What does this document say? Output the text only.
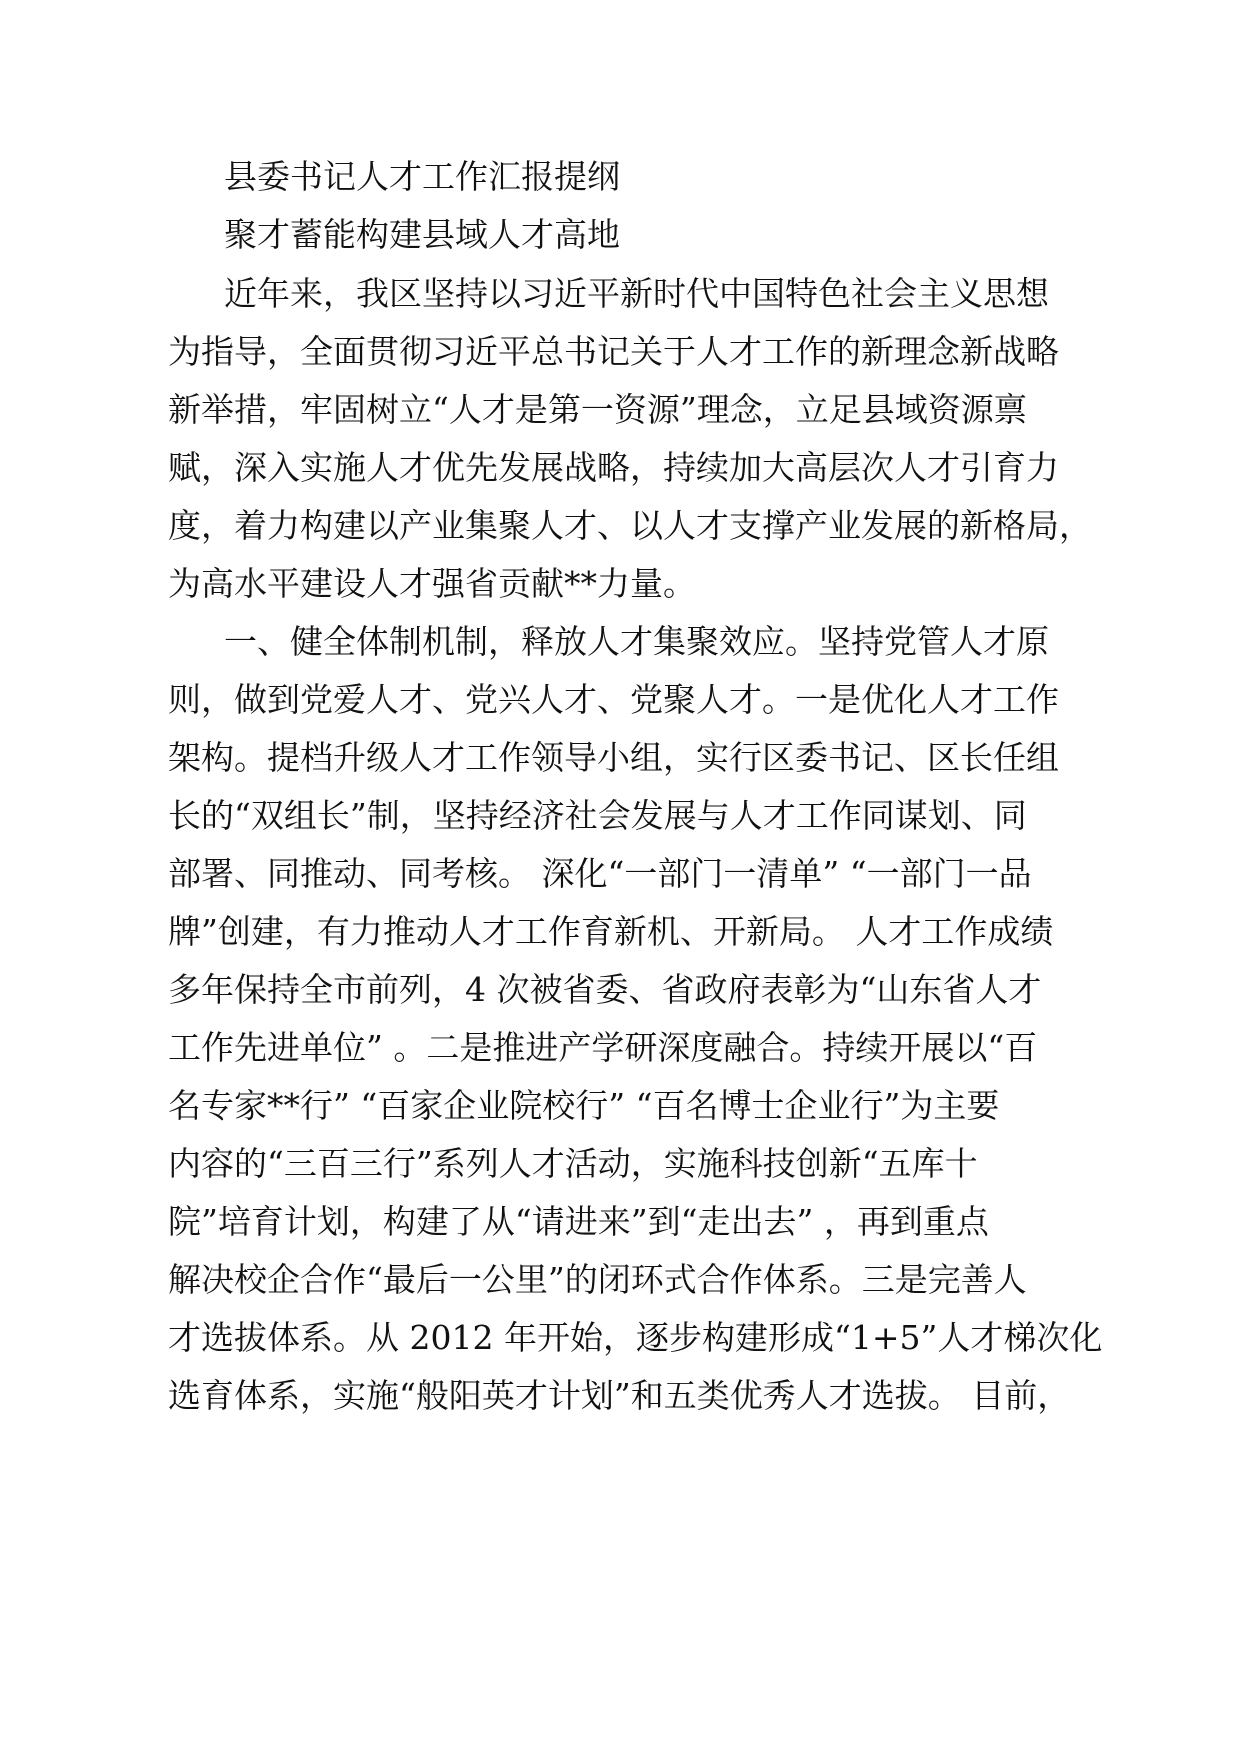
县委书记人才工作汇报提纲

聚才蓄能构建县域人才高地

近年来，我区坚持以习近平新时代中国特色社会主义思想

为指导，全面贯彻习近平总书记关于人才工作的新理念新战略

新举措，牢固树立“人才是第一资源”理念，立足县域资源禀

赋，深入实施人才优先发展战略，持续加大高层次人才引育力

度，着力构建以产业集聚人才、以人才支撑产业发展的新格局，

为高水平建设人才强省贡献**力量。

一、健全体制机制，释放人才集聚效应。坚持党管人才原

则，做到党爱人才、党兴人才、党聚人才。一是优化人才工作

架构。提档升级人才工作领导小组，实行区委书记、区长任组

长的“双组长”制，坚持经济社会发展与人才工作同谋划、同

部署、同推动、同考核。 深化“一部门一清单” “一部门一品

牌”创建，有力推动人才工作育新机、开新局。 人才工作成绩

多年保持全市前列，4 次被省委、省政府表彰为“山东省人才

工作先进单位” 。二是推进产学研深度融合。持续开展以“百

名专家**行” “百家企业院校行” “百名博士企业行”为主要

内容的“三百三行”系列人才活动，实施科技创新“五库十

院”培育计划，构建了从“请进来”到“走出去” ，再到重点

解决校企合作“最后一公里”的闭环式合作体系。三是完善人

才选拔体系。从 2012 年开始，逐步构建形成“1+5”人才梯次化

选育体系，实施“般阳英才计划”和五类优秀人才选拔。 目前，
